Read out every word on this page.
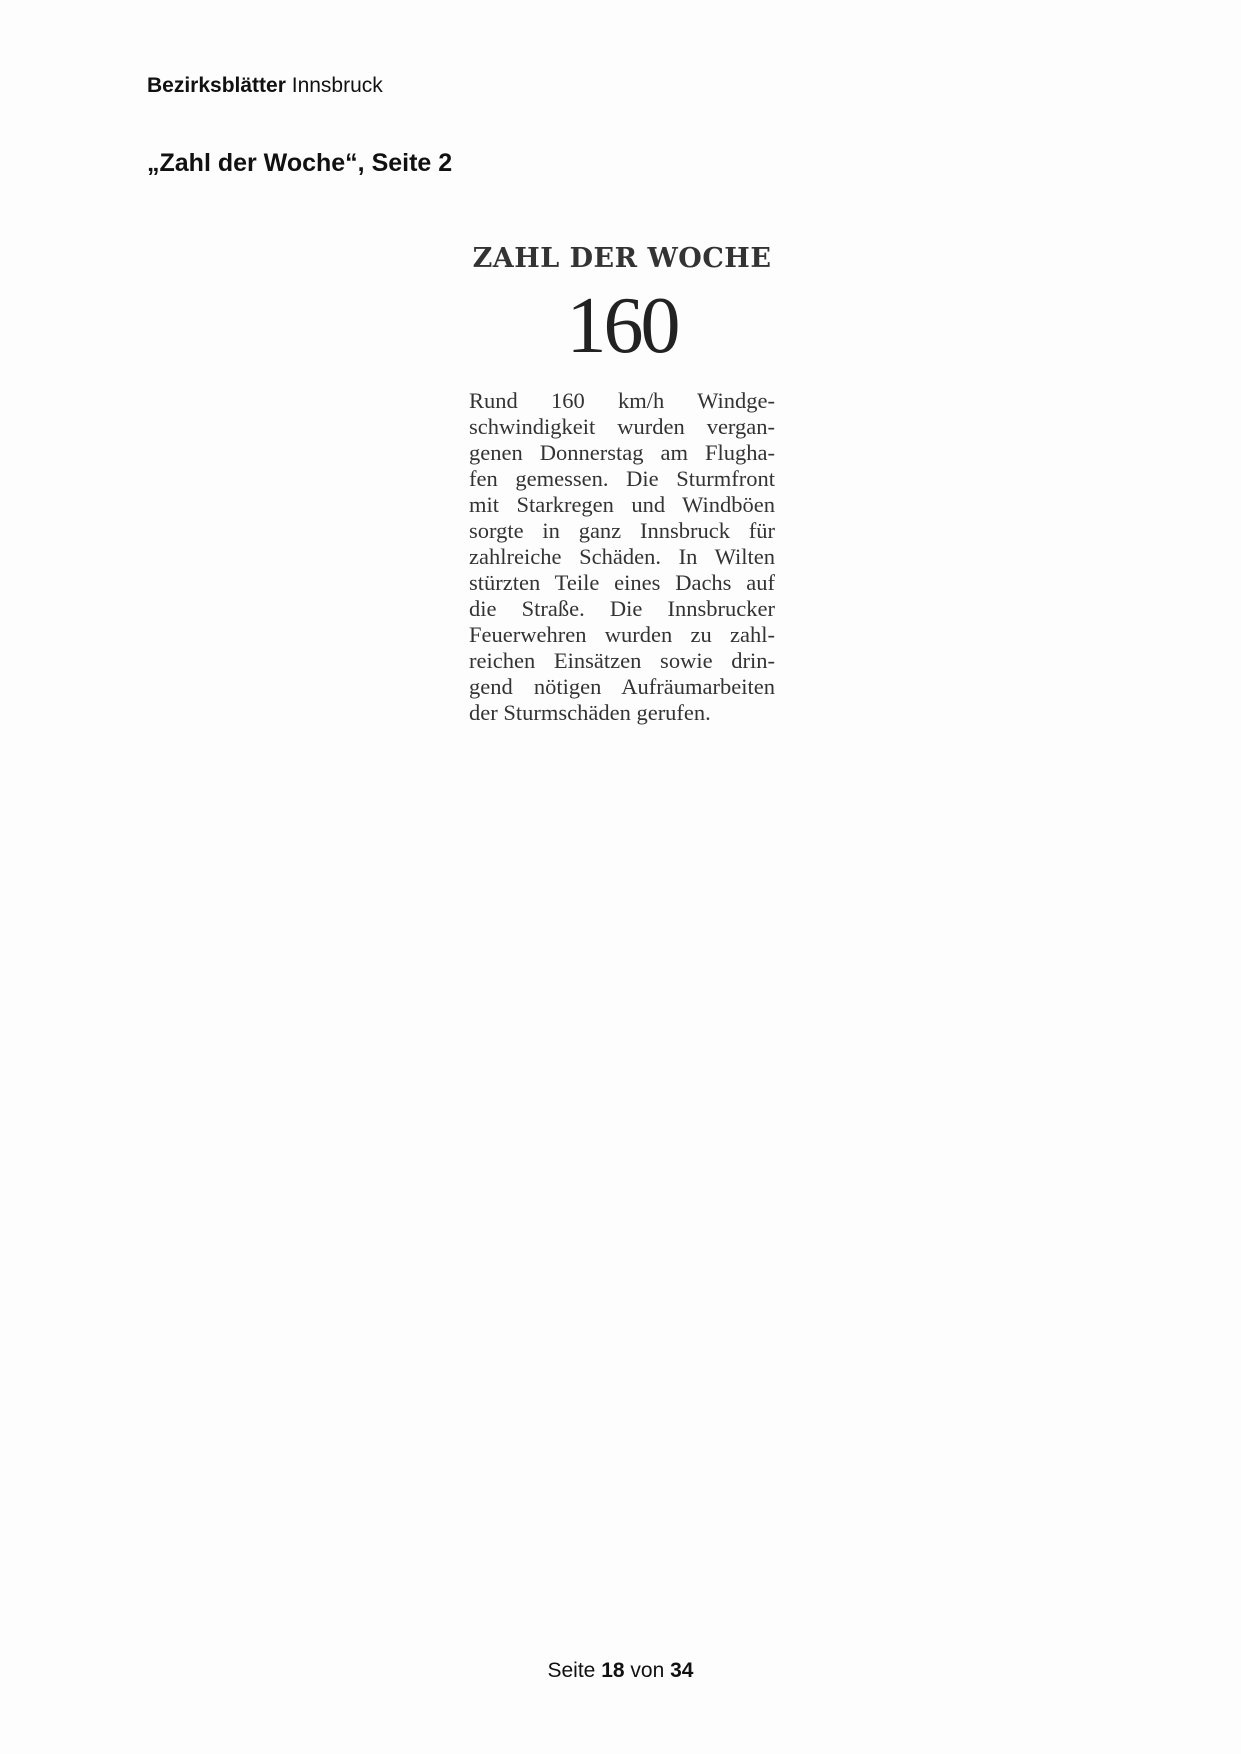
Bezirksblätter Innsbruck
„Zahl der Woche“, Seite 2

ZAHL DER WOCHE

160

Rund 160 km/h Windge-
schwindigkeit wurden vergan-
genen Donnerstag am Flugha-
fen gemessen. Die Sturmfront
mit Starkregen und Windböen
sorgte in ganz Innsbruck für
zahlreiche Schäden. In Wilten
stürzten Teile eines Dachs auf
die Straße. Die Innsbrucker
Feuerwehren wurden zu zahl-
reichen Einsätzen sowie drin-
gend nötigen Aufräumarbeiten
der Sturmschäden gerufen.
Seite 18 von 34
